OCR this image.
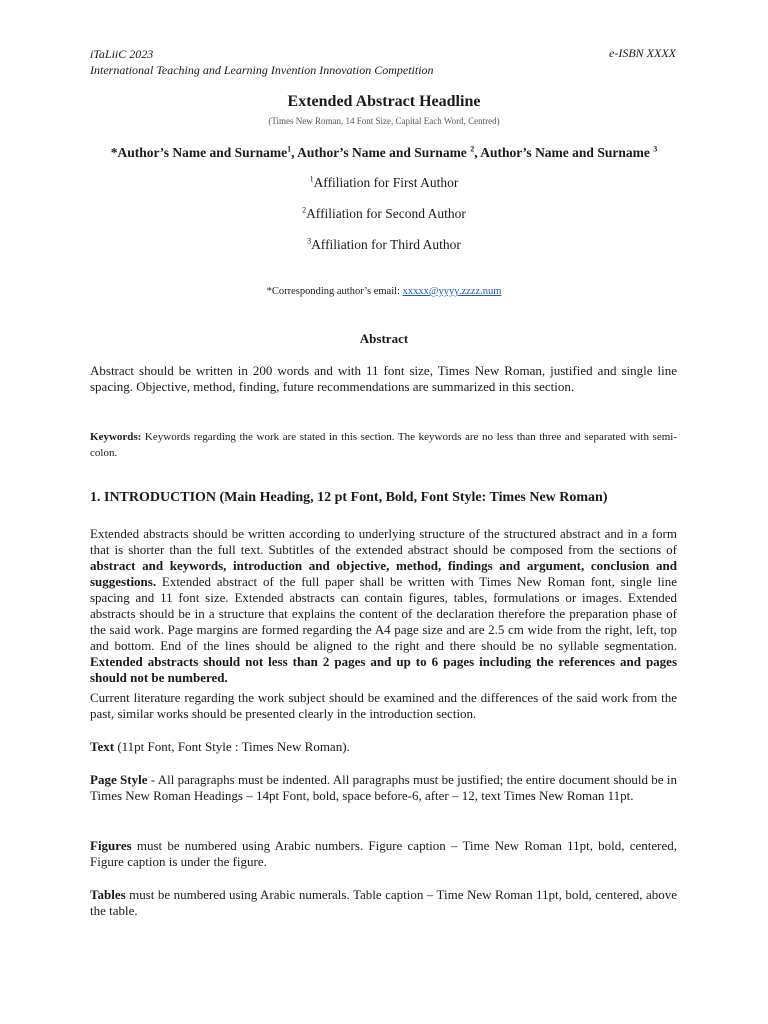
iTaLiiC 2023
International Teaching and Learning Invention Innovation Competition
e-ISBN XXXX
Extended Abstract Headline
(Times New Roman, 14 Font Size, Capital Each Word, Centred)
*Author’s Name and Surname$^1$, Author’s Name and Surname $^2$, Author’s Name and Surname $^3$
$^1$Affiliation for First Author
$^2$Affiliation for Second Author
$^3$Affiliation for Third Author
*Corresponding author’s email: xxxxx@yyyy.zzzz.num
Abstract
Abstract should be written in 200 words and with 11 font size, Times New Roman, justified and single line spacing. Objective, method, finding, future recommendations are summarized in this section.
Keywords: Keywords regarding the work are stated in this section. The keywords are no less than three and separated with semi-colon.
1. INTRODUCTION (Main Heading, 12 pt Font, Bold, Font Style: Times New Roman)
Extended abstracts should be written according to underlying structure of the structured abstract and in a form that is shorter than the full text. Subtitles of the extended abstract should be composed from the sections of abstract and keywords, introduction and objective, method, findings and argument, conclusion and suggestions. Extended abstract of the full paper shall be written with Times New Roman font, single line spacing and 11 font size. Extended abstracts can contain figures, tables, formulations or images. Extended abstracts should be in a structure that explains the content of the declaration therefore the preparation phase of the said work. Page margins are formed regarding the A4 page size and are 2.5 cm wide from the right, left, top and bottom. End of the lines should be aligned to the right and there should be no syllable segmentation. Extended abstracts should not less than 2 pages and up to 6 pages including the references and pages should not be numbered.
Current literature regarding the work subject should be examined and the differences of the said work from the past, similar works should be presented clearly in the introduction section.
Text (11pt Font, Font Style : Times New Roman).
Page Style - All paragraphs must be indented. All paragraphs must be justified; the entire document should be in Times New Roman Headings – 14pt Font, bold, space before-6, after – 12, text Times New Roman 11pt.
Figures must be numbered using Arabic numbers. Figure caption – Time New Roman 11pt, bold, centered, Figure caption is under the figure.
Tables must be numbered using Arabic numerals. Table caption – Time New Roman 11pt, bold, centered, above the table.
